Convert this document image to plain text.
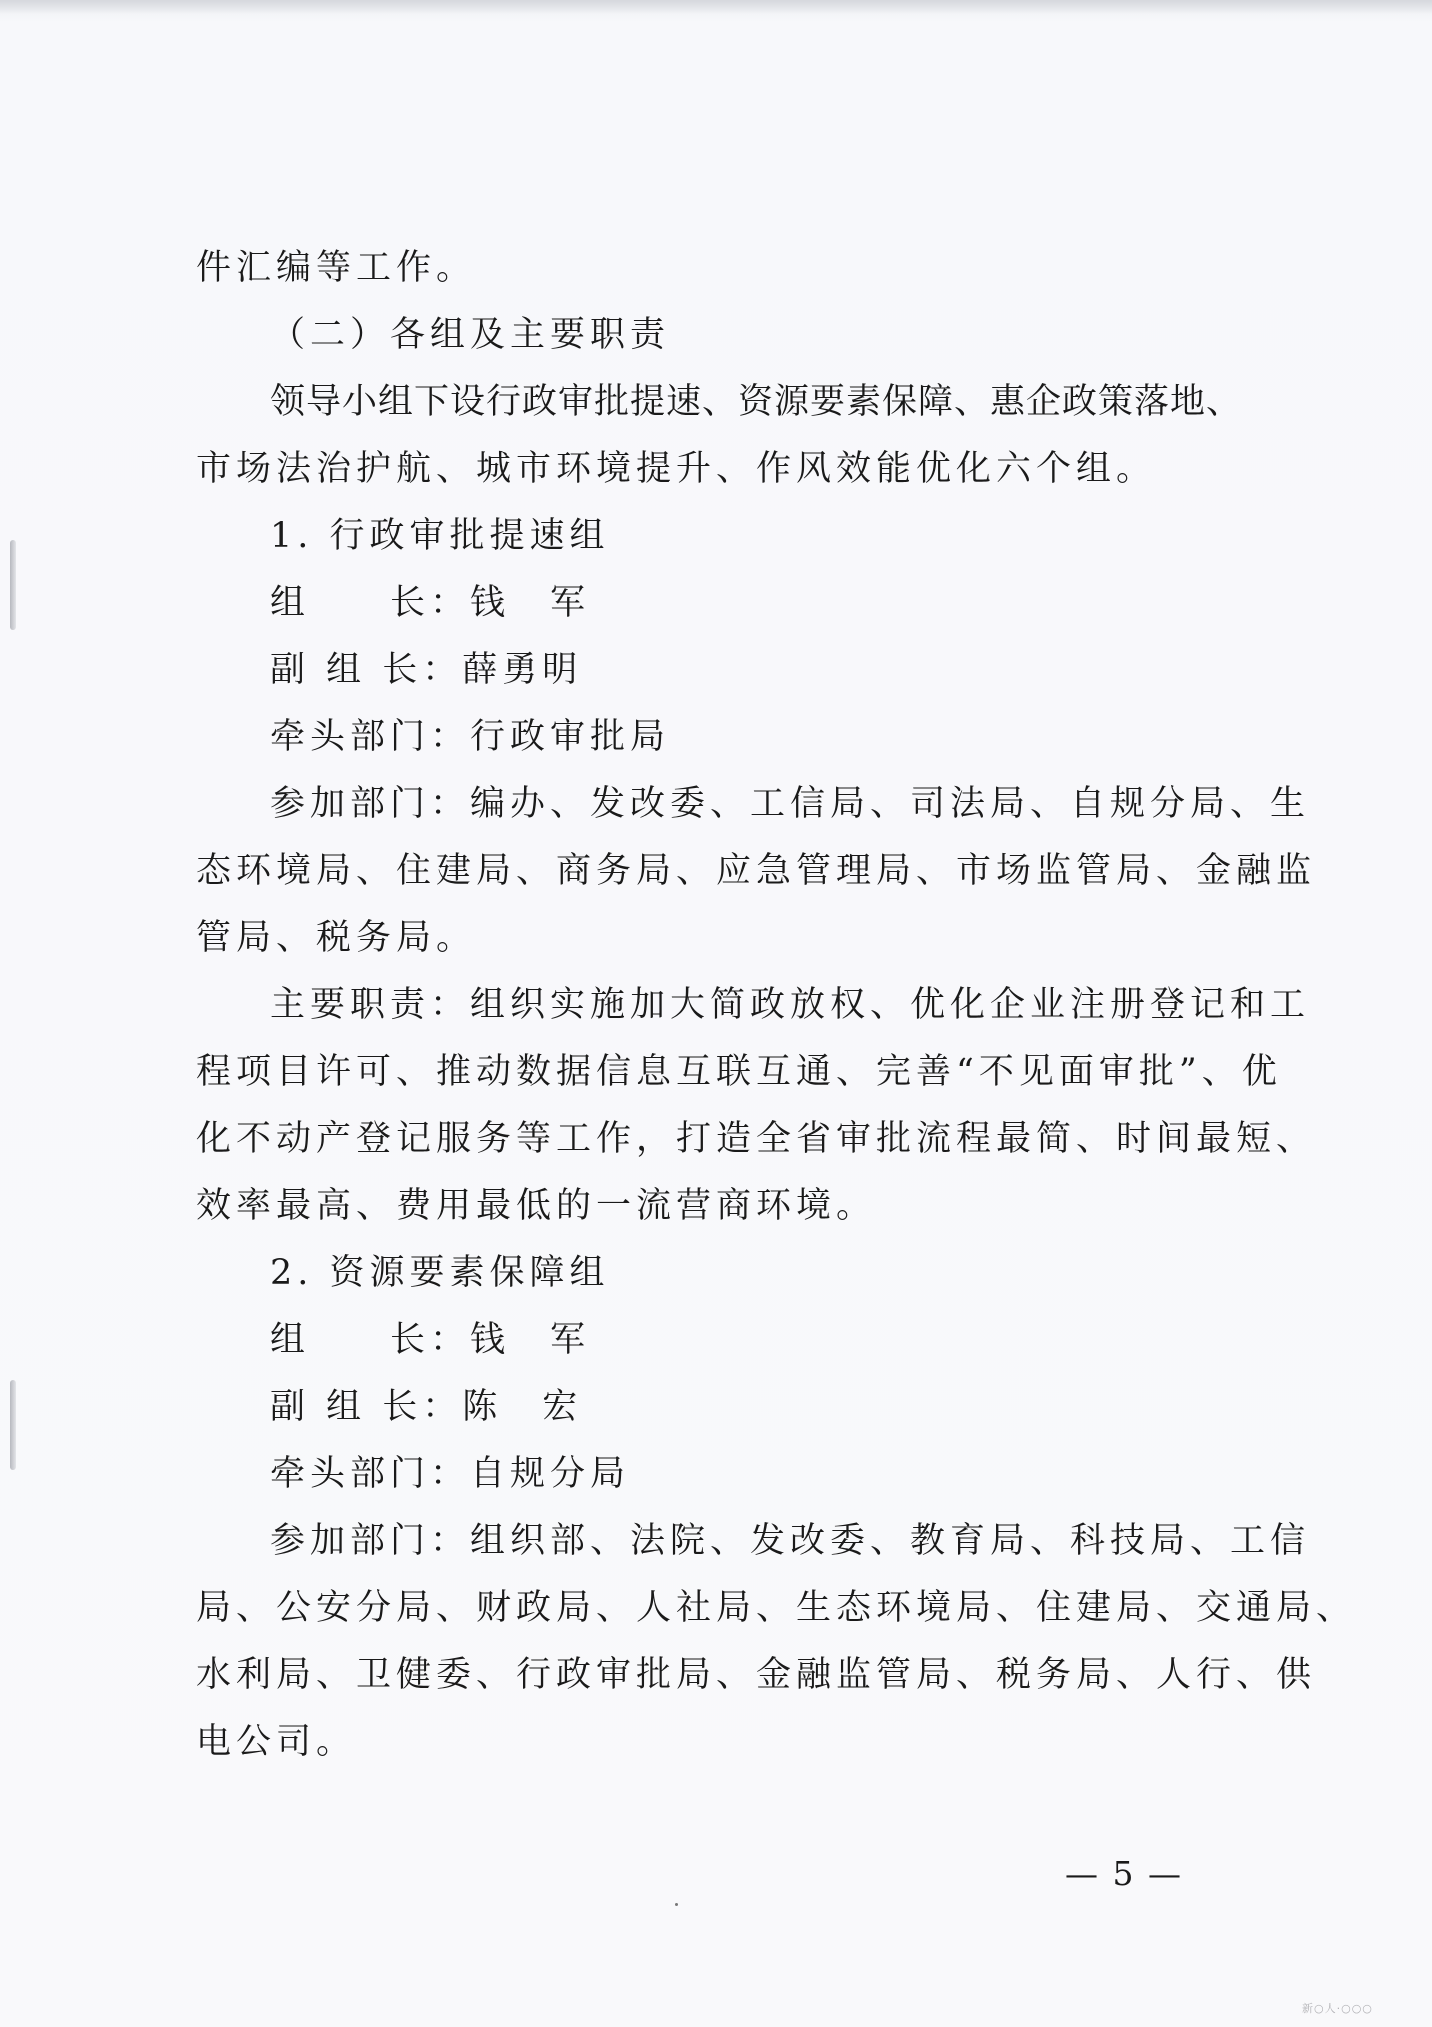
件汇编等工作。
（二）各组及主要职责
领导小组下设行政审批提速、资源要素保障、惠企政策落地、
市场法治护航、城市环境提升、作风效能优化六个组。
1. 行政审批提速组
组　　长：钱　军
副 组 长：薛勇明
牵头部门：行政审批局
参加部门：编办、发改委、工信局、司法局、自规分局、生
态环境局、住建局、商务局、应急管理局、市场监管局、金融监
管局、税务局。
主要职责：组织实施加大简政放权、优化企业注册登记和工
程项目许可、推动数据信息互联互通、完善“不见面审批”、优
化不动产登记服务等工作，打造全省审批流程最简、时间最短、
效率最高、费用最低的一流营商环境。
2. 资源要素保障组
组　　长：钱　军
副 组 长：陈　宏
牵头部门：自规分局
参加部门：组织部、法院、发改委、教育局、科技局、工信
局、公安分局、财政局、人社局、生态环境局、住建局、交通局、
水利局、卫健委、行政审批局、金融监管局、税务局、人行、供
电公司。
— 5 —
新○人·○○○
